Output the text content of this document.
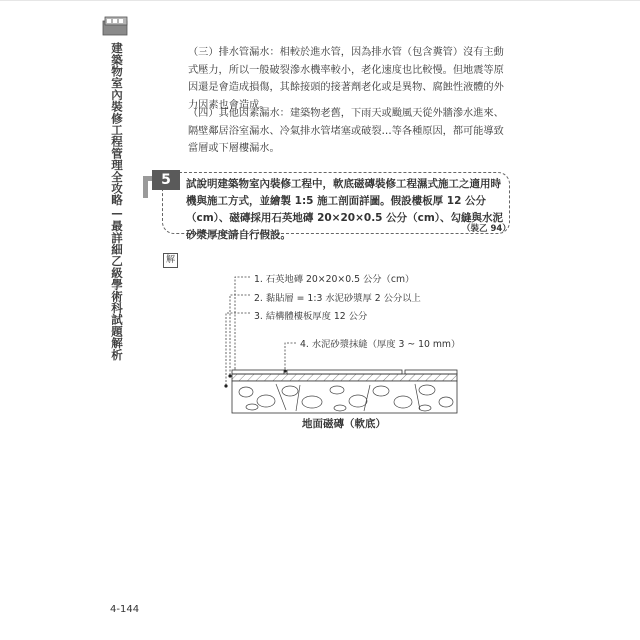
建築物室內裝修工程管理全攻略—最詳細乙級學術科試題解析	（三）排水管漏水：相較於進水管，因為排水管（包含糞管）沒有主動式壓力，所以一般破裂滲水機率較小，老化速度也比較慢。但地震等原因還是會造成損傷，其餘接頭的接著劑老化或是異物、腐蝕性液體的外力因素也會造成。
（四）其他因素漏水：建築物老舊，下雨天或颱風天從外牆滲水進來、隔壁鄰居浴室漏水、冷氣排水管堵塞或破裂…等各種原因，都可能導致當層或下層樓漏水。
5	試說明建築物室內裝修工程中，軟底磁磚裝修工程濕式施工之適用時機與施工方式，並繪製 1:5 施工剖面詳圖。假設樓板厚 12 公分（cm）、磁磚採用石英地磚 20×20×0.5 公分（cm）、勾縫與水泥砂漿厚度請自行假設。	（裝乙 94）
解
1. 石英地磚 20×20×0.5 公分（cm）
2. 黏貼層 = 1:3 水泥砂漿厚 2 公分以上
3. 結構體樓板厚度 12 公分
4. 水泥砂漿抹縫（厚度 3 ~ 10 mm）
地面磁磚（軟底）
4-144
